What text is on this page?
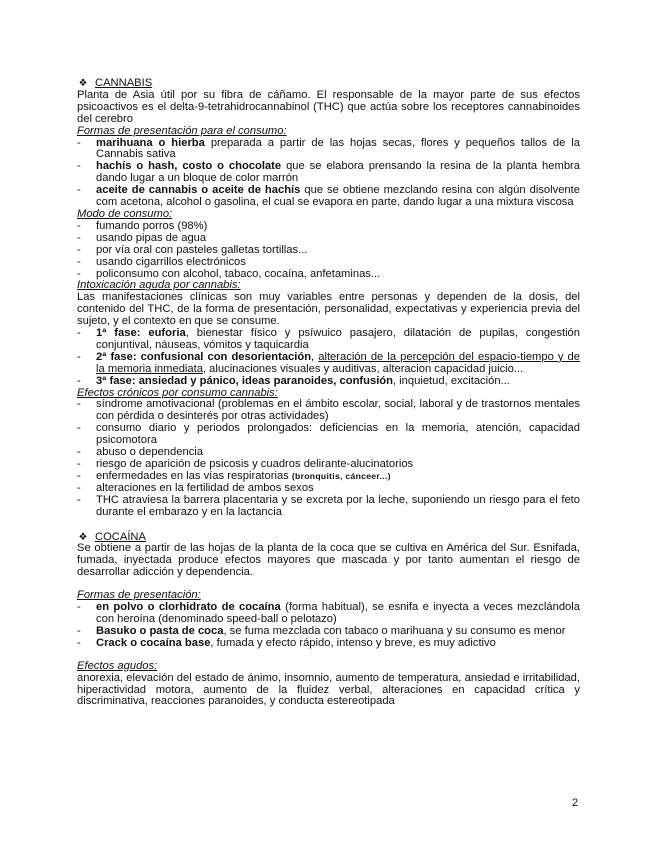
❖ CANNABIS
Planta de Asia útil por su fibra de cáñamo. El responsable de la mayor parte de sus efectos psicoactivos es el delta-9-tetrahidrocannabinol (THC) que actúa sobre los receptores cannabinoides del cerebro
Formas de presentación para el consumo:
-	marihuana o hierba preparada a partir de las hojas secas, flores y pequeños tallos de la Cannabis sativa
-	hachís o hash, costo o chocolate que se elabora prensando la resina de la planta hembra dando lugar a un bloque de color marrón
-	aceite de cannabis o aceite de hachís que se obtiene mezclando resina con algún disolvente com acetona, alcohol o gasolina, el cual se evapora en parte, dando lugar a una mixtura viscosa
Modo de consumo:
-	fumando porros (98%)
-	usando pipas de agua
-	por vía oral con pasteles galletas tortillas...
-	usando cigarrillos electrónicos
-	policonsumo con alcohol, tabaco, cocaína, anfetaminas...
Intoxicación aguda por cannabis:
Las manifestaciones clínicas son muy variables entre personas y dependen de la dosis, del contenido del THC, de la forma de presentación, personalidad, expectativas y experiencia previa del sujeto, y el contexto en que se consume.
-	1ª fase: euforia, bienestar físico y psíwuico pasajero, dilatación de pupilas, congestión conjuntival, náuseas, vómitos y taquicardia
-	2ª fase: confusional con desorientación, alteración de la percepción del espacio-tiempo y de la memoria inmediata, alucinaciones visuales y auditivas, alteracion capacidad juicio...
-	3ª fase: ansiedad y pánico, ideas paranoides, confusión, inquietud, excitación...
Efectos crónicos por consumo cannabis:
-	síndrome amotivacional (problemas en el ámbito escolar, social, laboral y de trastornos mentales con pérdida o desinterés por otras actividades)
-	consumo diario y periodos prolongados: deficiencias en la memoria, atención, capacidad psicomotora
-	abuso o dependencia
-	riesgo de aparición de psicosis y cuadros delirante-alucinatorios
-	enfermedades en las vías respiratorias (bronquitis, cánceer...)
-	alteraciones en la fertilidad de ambos sexos
-	THC atraviesa la barrera placentaria y se excreta por la leche, suponiendo un riesgo para el feto durante el embarazo y en la lactancia
❖ COCAÍNA
Se obtiene a partir de las hojas de la planta de la coca que se cultiva en América del Sur. Esnifada, fumada, inyectada produce efectos mayores que mascada y por tanto aumentan el riesgo de desarrollar adicción y dependencia.
Formas de presentación:
-	en polvo o clorhidrato de cocaína (forma habitual), se esnifa e inyecta a veces mezclándola con heroína (denominado speed-ball o pelotazo)
-	Basuko o pasta de coca, se fuma mezclada con tabaco o marihuana y su consumo es menor
-	Crack o cocaína base, fumada y efecto rápido, intenso y breve, es muy adictivo
Efectos agudos:
anorexia, elevación del estado de ánimo, insomnio, aumento de temperatura, ansiedad e irritabilidad, hiperactividad motora, aumento de la fluidez verbal, alteraciones en capacidad crítica y discriminativa, reacciones paranoides, y conducta estereotipada
2
